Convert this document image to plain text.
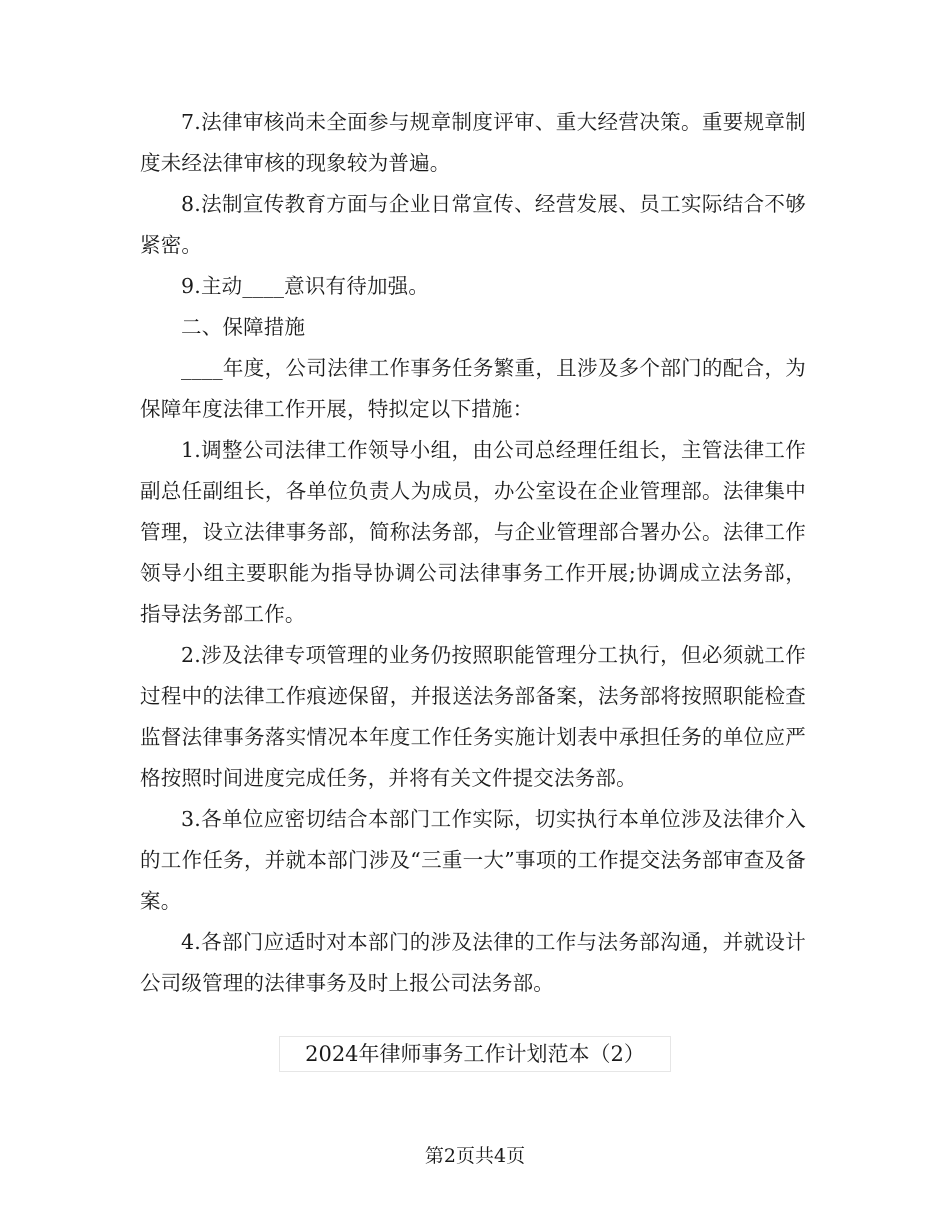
7.法律审核尚未全面参与规章制度评审、重大经营决策。重要规章制度未经法律审核的现象较为普遍。

8.法制宣传教育方面与企业日常宣传、经营发展、员工实际结合不够紧密。

9.主动____意识有待加强。

二、保障措施

____年度，公司法律工作事务任务繁重，且涉及多个部门的配合，为保障年度法律工作开展，特拟定以下措施：

1.调整公司法律工作领导小组，由公司总经理任组长，主管法律工作副总任副组长，各单位负责人为成员，办公室设在企业管理部。法律集中管理，设立法律事务部，简称法务部，与企业管理部合署办公。法律工作领导小组主要职能为指导协调公司法律事务工作开展;协调成立法务部，指导法务部工作。

2.涉及法律专项管理的业务仍按照职能管理分工执行，但必须就工作过程中的法律工作痕迹保留，并报送法务部备案，法务部将按照职能检查监督法律事务落实情况本年度工作任务实施计划表中承担任务的单位应严格按照时间进度完成任务，并将有关文件提交法务部。

3.各单位应密切结合本部门工作实际，切实执行本单位涉及法律介入的工作任务，并就本部门涉及“三重一大”事项的工作提交法务部审查及备案。

4.各部门应适时对本部门的涉及法律的工作与法务部沟通，并就设计公司级管理的法律事务及时上报公司法务部。

2024年律师事务工作计划范本（2）
第2页共4页
